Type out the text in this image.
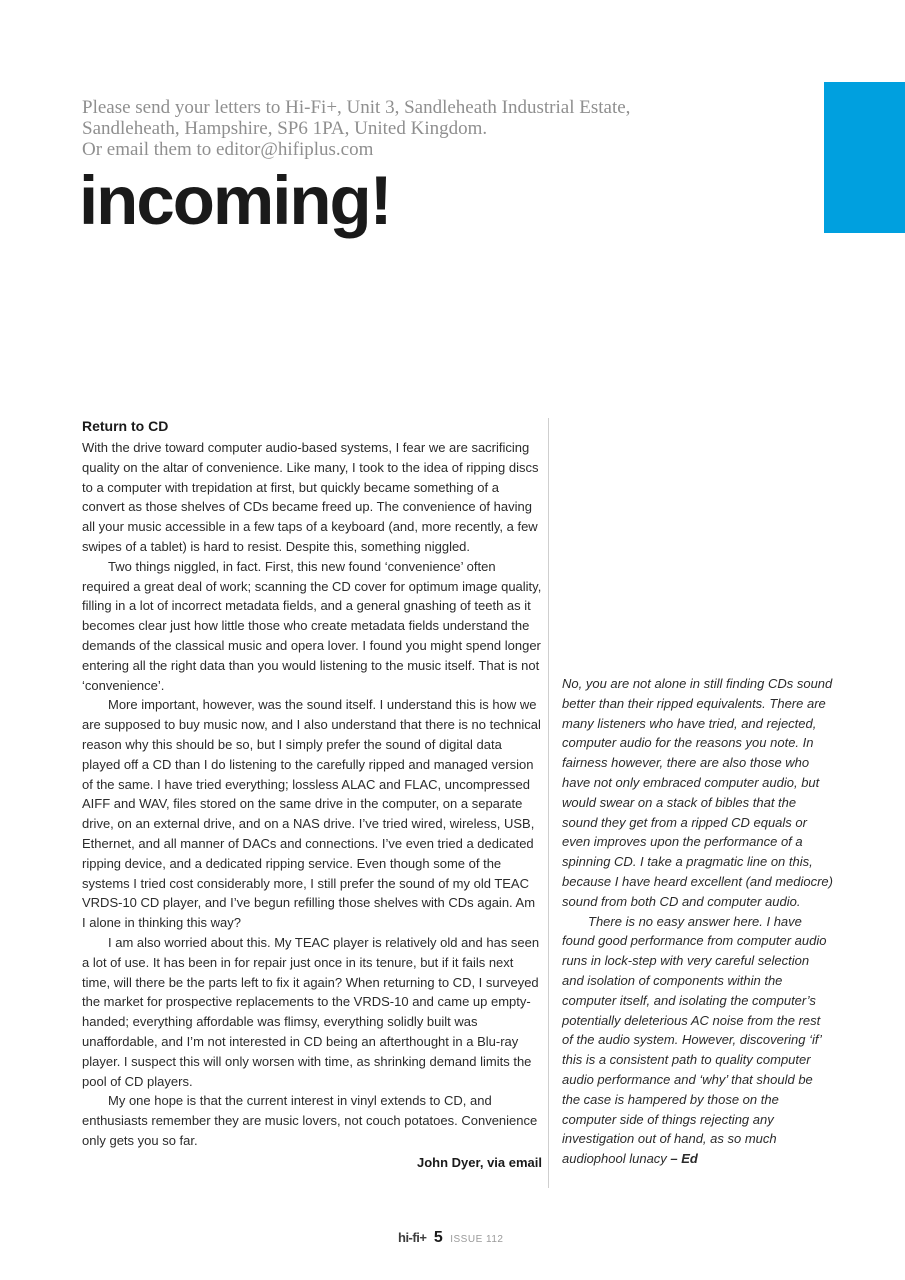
Please send your letters to Hi-Fi+, Unit 3, Sandleheath Industrial Estate,
Sandleheath, Hampshire, SP6 1PA, United Kingdom.
Or email them to editor@hifiplus.com
incoming!
Return to CD

With the drive toward computer audio-based systems, I fear we are sacrificing quality on the altar of convenience. Like many, I took to the idea of ripping discs to a computer with trepidation at first, but quickly became something of a convert as those shelves of CDs became freed up. The convenience of having all your music accessible in a few taps of a keyboard (and, more recently, a few swipes of a tablet) is hard to resist. Despite this, something niggled.

Two things niggled, in fact. First, this new found ‘convenience’ often required a great deal of work; scanning the CD cover for optimum image quality, filling in a lot of incorrect metadata fields, and a general gnashing of teeth as it becomes clear just how little those who create metadata fields understand the demands of the classical music and opera lover. I found you might spend longer entering all the right data than you would listening to the music itself. That is not ‘convenience’.

More important, however, was the sound itself. I understand this is how we are supposed to buy music now, and I also understand that there is no technical reason why this should be so, but I simply prefer the sound of digital data played off a CD than I do listening to the carefully ripped and managed version of the same. I have tried everything; lossless ALAC and FLAC, uncompressed AIFF and WAV, files stored on the same drive in the computer, on a separate drive, on an external drive, and on a NAS drive. I’ve tried wired, wireless, USB, Ethernet, and all manner of DACs and connections. I’ve even tried a dedicated ripping device, and a dedicated ripping service. Even though some of the systems I tried cost considerably more, I still prefer the sound of my old TEAC VRDS-10 CD player, and I’ve begun refilling those shelves with CDs again. Am I alone in thinking this way?

I am also worried about this. My TEAC player is relatively old and has seen a lot of use. It has been in for repair just once in its tenure, but if it fails next time, will there be the parts left to fix it again? When returning to CD, I surveyed the market for prospective replacements to the VRDS-10 and came up empty-handed; everything affordable was flimsy, everything solidly built was unaffordable, and I’m not interested in CD being an afterthought in a Blu-ray player. I suspect this will only worsen with time, as shrinking demand limits the pool of CD players.

My one hope is that the current interest in vinyl extends to CD, and enthusiasts remember they are music lovers, not couch potatoes. Convenience only gets you so far.

John Dyer, via email

No, you are not alone in still finding CDs sound better than their ripped equivalents. There are many listeners who have tried, and rejected, computer audio for the reasons you note. In fairness however, there are also those who have not only embraced computer audio, but would swear on a stack of bibles that the sound they get from a ripped CD equals or even improves upon the performance of a spinning CD. I take a pragmatic line on this, because I have heard excellent (and mediocre) sound from both CD and computer audio.

There is no easy answer here. I have found good performance from computer audio runs in lock-step with very careful selection and isolation of components within the computer itself, and isolating the computer’s potentially deleterious AC noise from the rest of the audio system. However, discovering ‘if’ this is a consistent path to quality computer audio performance and ‘why’ that should be the case is hampered by those on the computer side of things rejecting any investigation out of hand, as so much audiophool lunacy – Ed

hi-fi+ 5 ISSUE 112
